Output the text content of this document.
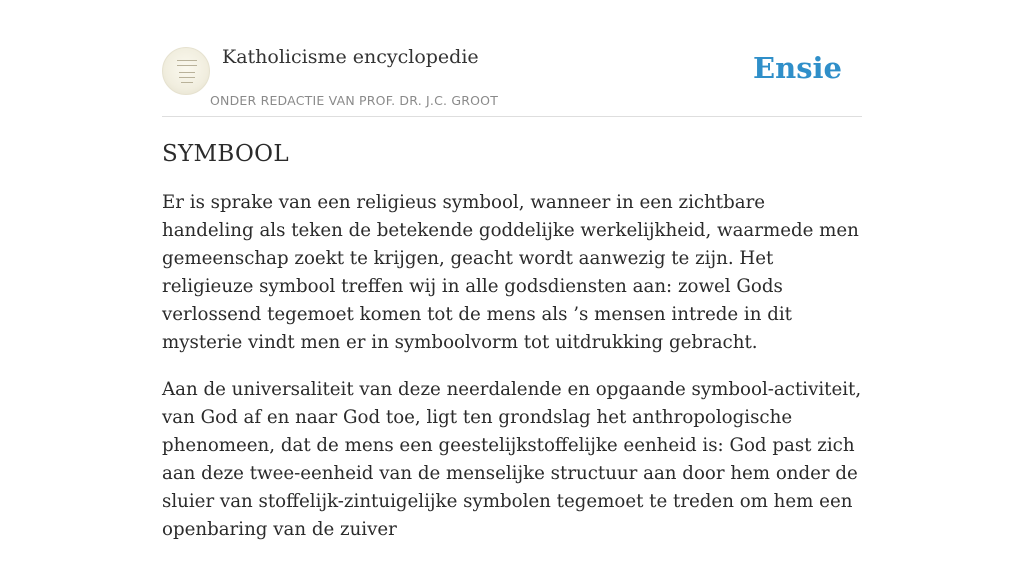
Katholicisme encyclopedie
ONDER REDACTIE VAN PROF. DR. J.C. GROOT
Ensie
SYMBOOL

Er is sprake van een religieus symbool, wanneer in een zichtbare handeling als teken de betekende goddelijke werkelijkheid, waarmede men gemeenschap zoekt te krijgen, geacht wordt aanwezig te zijn. Het religieuze symbool treffen wij in alle godsdiensten aan: zowel Gods verlossend tegemoet komen tot de mens als ’s mensen intrede in dit mysterie vindt men er in symboolvorm tot uitdrukking gebracht.

Aan de universaliteit van deze neerdalende en opgaande symbool-activiteit, van God af en naar God toe, ligt ten grondslag het anthropologische phenomeen, dat de mens een geestelijkstoffelijke eenheid is: God past zich aan deze twee-eenheid van de menselijke structuur aan door hem onder de sluier van stoffelijk-zintuigelijke symbolen tegemoet te treden om hem een openbaring van de zuiver
